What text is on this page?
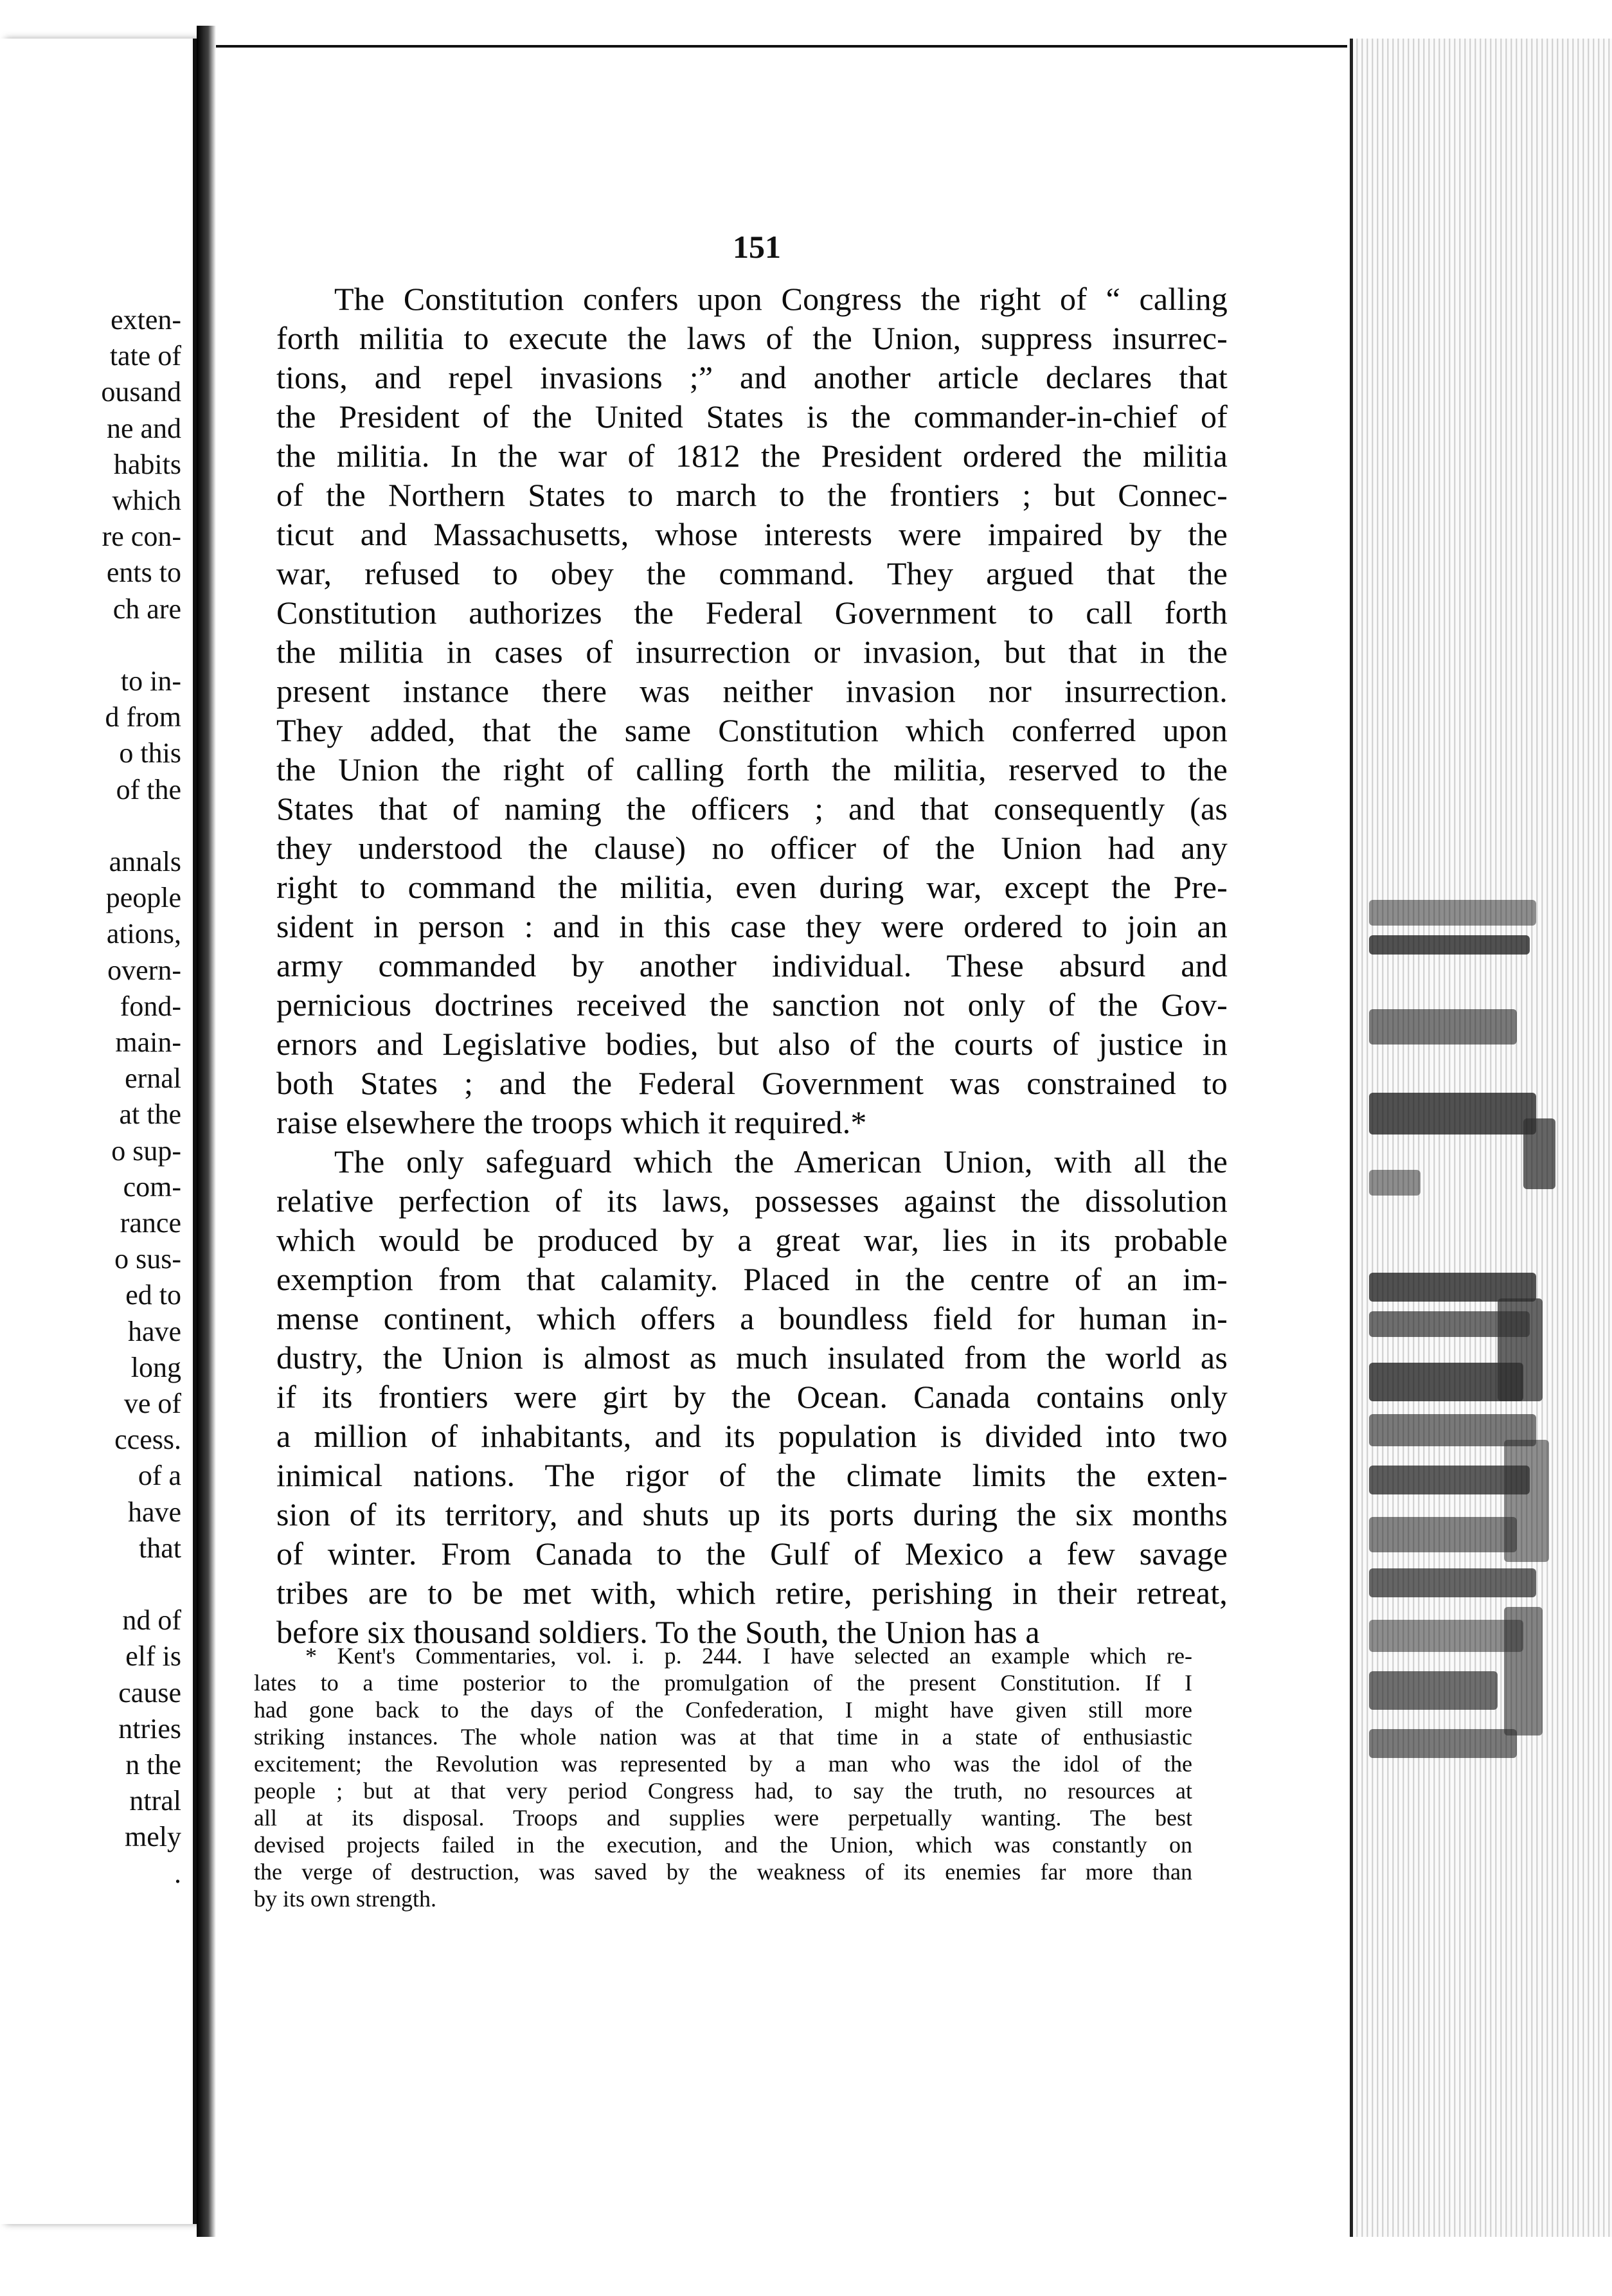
exten-
tate of
ousand
ne and
habits
which
re con-
ents to
ch are
to in-
d from
o this
of the
annals
people
ations,
overn-
fond-
main-
ernal
at the
o sup-
com-
rance
o sus-
ed to
have
long
ve of
ccess.
of a
have
that
nd of
elf is
cause
ntries
n the
ntral
mely
.
151
The Constitution confers upon Congress the right of “ calling
forth militia to execute the laws of the Union, suppress insurrec-
tions, and repel invasions ;” and another article declares that
the President of the United States is the commander-in-chief of
the militia. In the war of 1812 the President ordered the militia
of the Northern States to march to the frontiers ; but Connec-
ticut and Massachusetts, whose interests were impaired by the
war, refused to obey the command. They argued that the
Constitution authorizes the Federal Government to call forth
the militia in cases of insurrection or invasion, but that in the
present instance there was neither invasion nor insurrection.
They added, that the same Constitution which conferred upon
the Union the right of calling forth the militia, reserved to the
States that of naming the officers ; and that consequently (as
they understood the clause) no officer of the Union had any
right to command the militia, even during war, except the Pre-
sident in person : and in this case they were ordered to join an
army commanded by another individual. These absurd and
pernicious doctrines received the sanction not only of the Gov-
ernors and Legislative bodies, but also of the courts of justice in
both States ; and the Federal Government was constrained to
raise elsewhere the troops which it required.*
The only safeguard which the American Union, with all the
relative perfection of its laws, possesses against the dissolution
which would be produced by a great war, lies in its probable
exemption from that calamity. Placed in the centre of an im-
mense continent, which offers a boundless field for human in-
dustry, the Union is almost as much insulated from the world as
if its frontiers were girt by the Ocean. Canada contains only
a million of inhabitants, and its population is divided into two
inimical nations. The rigor of the climate limits the exten-
sion of its territory, and shuts up its ports during the six months
of winter. From Canada to the Gulf of Mexico a few savage
tribes are to be met with, which retire, perishing in their retreat,
before six thousand soldiers. To the South, the Union has a
* Kent's Commentaries, vol. i. p. 244. I have selected an example which re-
lates to a time posterior to the promulgation of the present Constitution. If I
had gone back to the days of the Confederation, I might have given still more
striking instances. The whole nation was at that time in a state of enthusiastic
excitement; the Revolution was represented by a man who was the idol of the
people ; but at that very period Congress had, to say the truth, no resources at
all at its disposal. Troops and supplies were perpetually wanting. The best
devised projects failed in the execution, and the Union, which was constantly on
the verge of destruction, was saved by the weakness of its enemies far more than
by its own strength.
